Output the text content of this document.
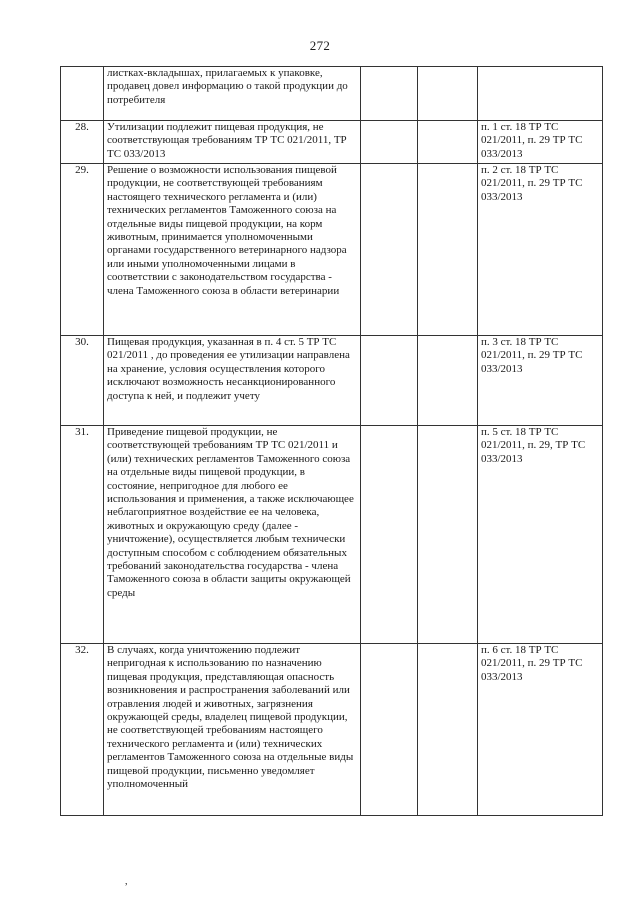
272

	листках-вкладышах, прилагаемых к упаковке, продавец довел информацию о такой продукции до потребителя			

28.	Утилизации подлежит пищевая продукция, не соответствующая требованиям ТР ТС 021/2011, ТР ТС 033/2013			п. 1 ст. 18 ТР ТС 021/2011, п. 29 ТР ТС 033/2013
29.	Решение о возможности использования пищевой продукции, не соответствующей требованиям настоящего технического регламента и (или) технических регламентов Таможенного союза на отдельные виды пищевой продукции, на корм животным, принимается уполномоченными органами государственного ветеринарного надзора или иными уполномоченными лицами в соответствии с законодательством государства - члена Таможенного союза в области ветеринарии			п. 2 ст. 18 ТР ТС 021/2011, п. 29 ТР ТС 033/2013
30.	Пищевая продукция, указанная в п. 4 ст. 5 ТР ТС 021/2011 , до проведения ее утилизации направлена на хранение, условия осуществления которого исключают возможность несанкционированного доступа к ней, и подлежит учету			п. 3 ст. 18 ТР ТС 021/2011, п. 29 ТР ТС 033/2013
31.	Приведение пищевой продукции, не соответствующей требованиям ТР ТС 021/2011 и (или) технических регламентов Таможенного союза на отдельные виды пищевой продукции, в состояние, непригодное для любого ее использования и применения, а также исключающее неблагоприятное воздействие ее на человека, животных и окружающую среду (далее - уничтожение), осуществляется любым технически доступным способом с соблюдением обязательных требований законодательства государства - члена Таможенного союза в области защиты окружающей среды			п. 5 ст. 18 ТР ТС 021/2011, п. 29, ТР ТС 033/2013
32.	В случаях, когда уничтожению подлежит непригодная к использованию по назначению пищевая продукция, представляющая опасность возникновения и распространения заболеваний или отравления людей и животных, загрязнения окружающей среды, владелец пищевой продукции, не соответствующей требованиям настоящего технического регламента и (или) технических регламентов Таможенного союза на отдельные виды пищевой продукции, письменно уведомляет уполномоченный			п. 6 ст. 18 ТР ТС 021/2011, п. 29 ТР ТС 033/2013
,
